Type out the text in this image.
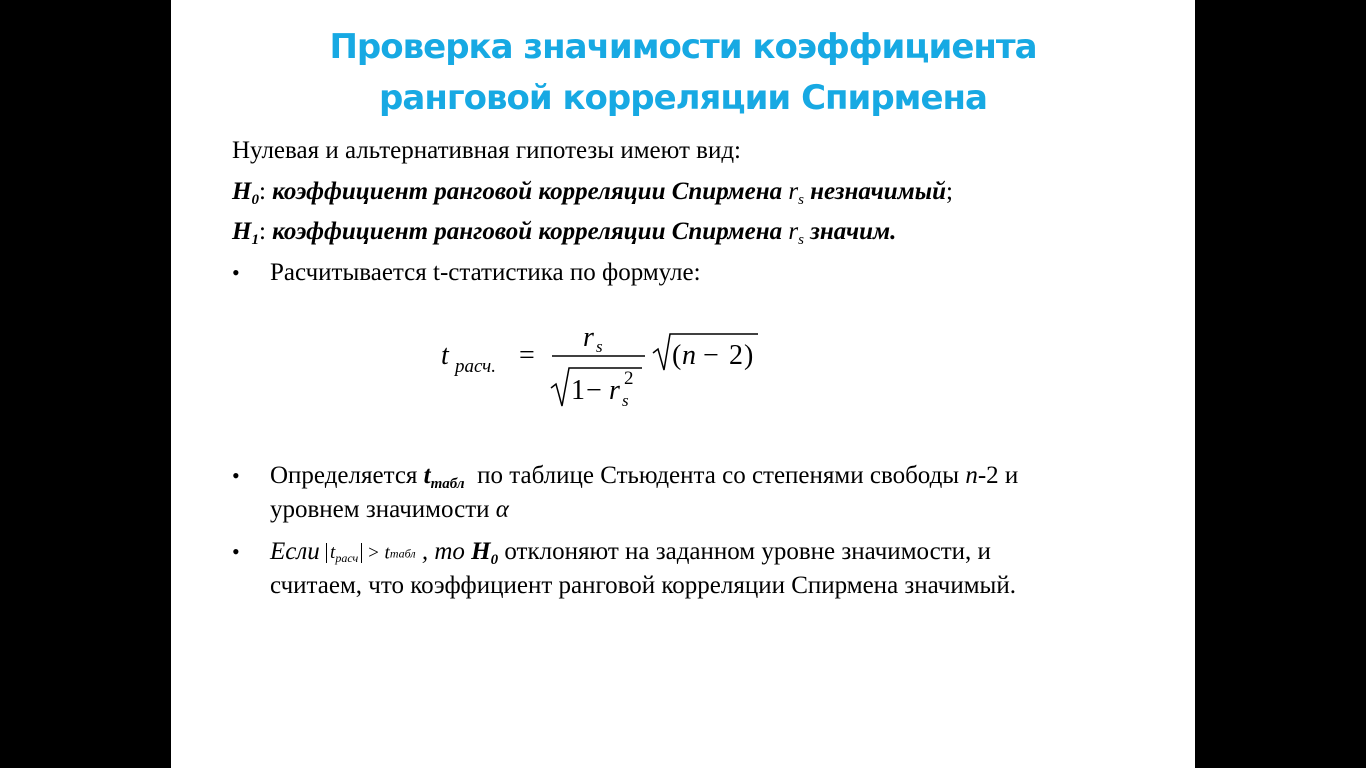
Проверка значимости коэффициента
ранговой корреляции Спирмена
Нулевая и альтернативная гипотезы имеют вид:
$H_0$: коэффициент ранговой корреляции Спирмена $r_s$ незначимый;
$H_1$: коэффициент ранговой корреляции Спирмена $r_s$ значим.
• Расчитывается t-статистика по формуле:
t расч. =
r s
1 − r s
2
( n − 2 )
• Определяется $t_{табл}$  по таблице Стьюдента со степенями свободы n-2 и
уровнем значимости α
• Если $t_{расч}$ > tтабл , то $H_0$ отклоняют на заданном уровне значимости, и
считаем, что коэффициент ранговой корреляции Спирмена значимый.
